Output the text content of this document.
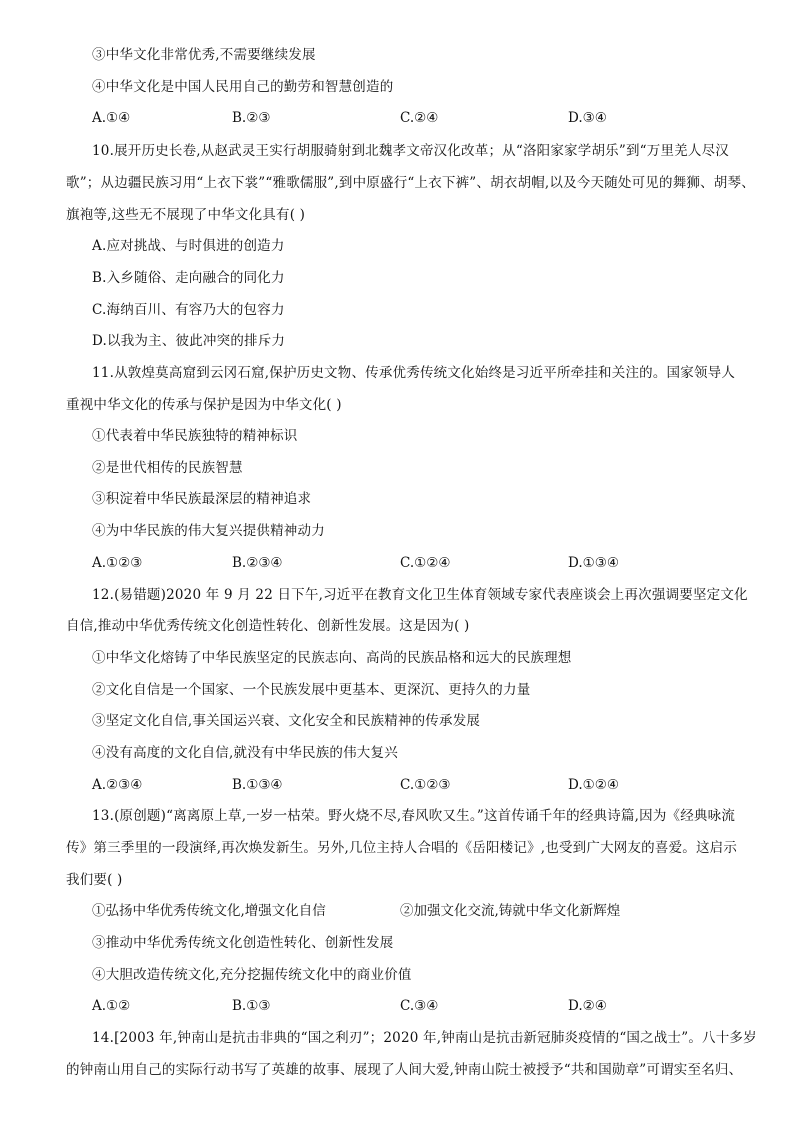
③中华文化非常优秀,不需要继续发展
④中华文化是中国人民用自己的勤劳和智慧创造的
A.①④	B.②③	C.②④	D.③④
10.展开历史长卷,从赵武灵王实行胡服骑射到北魏孝文帝汉化改革；从“洛阳家家学胡乐”到“万里羌人尽汉
歌”；从边疆民族习用“上衣下裳”“雅歌儒服”,到中原盛行“上衣下裤”、胡衣胡帽,以及今天随处可见的舞狮、胡琴、
旗袍等,这些无不展现了中华文化具有( )
A.应对挑战、与时俱进的创造力
B.入乡随俗、走向融合的同化力
C.海纳百川、有容乃大的包容力
D.以我为主、彼此冲突的排斥力
11.从敦煌莫高窟到云冈石窟,保护历史文物、传承优秀传统文化始终是习近平所牵挂和关注的。国家领导人
重视中华文化的传承与保护是因为中华文化( )
①代表着中华民族独特的精神标识
②是世代相传的民族智慧
③积淀着中华民族最深层的精神追求
④为中华民族的伟大复兴提供精神动力
A.①②③	B.②③④	C.①②④	D.①③④
12.(易错题)2020 年 9 月 22 日下午,习近平在教育文化卫生体育领域专家代表座谈会上再次强调要坚定文化
自信,推动中华优秀传统文化创造性转化、创新性发展。这是因为( )
①中华文化熔铸了中华民族坚定的民族志向、高尚的民族品格和远大的民族理想
②文化自信是一个国家、一个民族发展中更基本、更深沉、更持久的力量
③坚定文化自信,事关国运兴衰、文化安全和民族精神的传承发展
④没有高度的文化自信,就没有中华民族的伟大复兴
A.②③④	B.①③④	C.①②③	D.①②④
13.(原创题)“离离原上草,一岁一枯荣。野火烧不尽,春风吹又生。”这首传诵千年的经典诗篇,因为《经典咏流
传》第三季里的一段演绎,再次焕发新生。另外,几位主持人合唱的《岳阳楼记》,也受到广大网友的喜爱。这启示
我们要( )
①弘扬中华优秀传统文化,增强文化自信	②加强文化交流,铸就中华文化新辉煌
③推动中华优秀传统文化创造性转化、创新性发展
④大胆改造传统文化,充分挖掘传统文化中的商业价值
A.①②	B.①③	C.③④	D.②④
14.[2003 年,钟南山是抗击非典的“国之利刃”；2020 年,钟南山是抗击新冠肺炎疫情的“国之战士”。八十多岁
的钟南山用自己的实际行动书写了英雄的故事、展现了人间大爱,钟南山院士被授予“共和国勋章”可谓实至名归、
